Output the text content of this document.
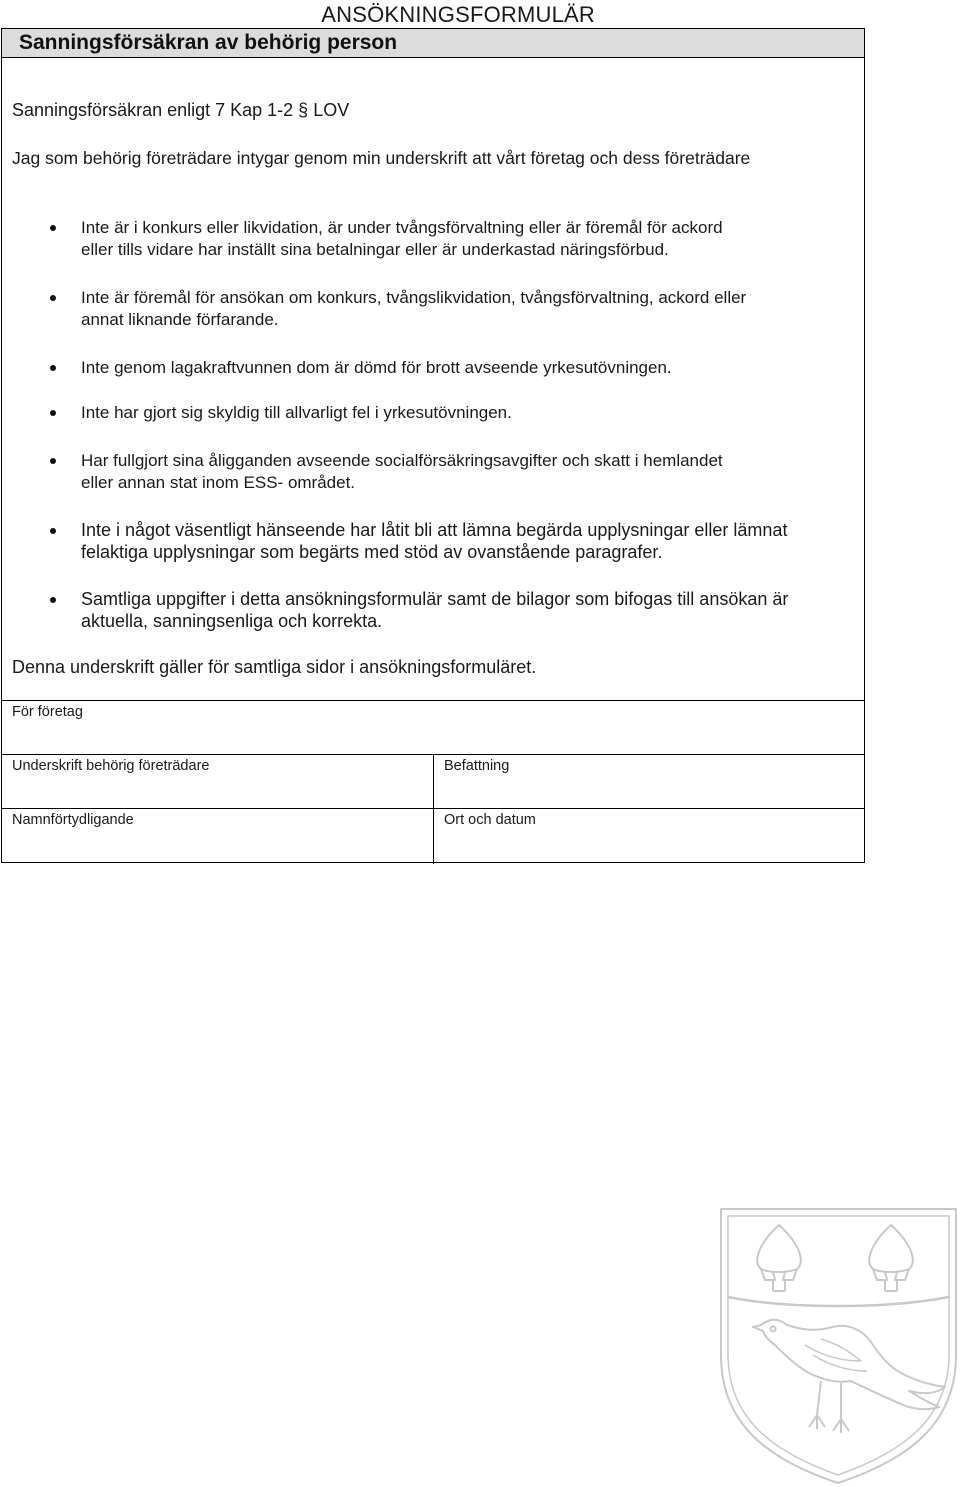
ANSÖKNINGSFORMULÄR
Sanningsförsäkran av behörig person
Sanningsförsäkran enligt 7 Kap 1-2 § LOV
Jag som behörig företrädare intygar genom min underskrift att vårt företag och dess företrädare
Inte är i konkurs eller likvidation, är under tvångsförvaltning eller är föremål för ackord
eller tills vidare har inställt sina betalningar eller är underkastad näringsförbud.
Inte är föremål för ansökan om konkurs, tvångslikvidation, tvångsförvaltning, ackord eller
annat liknande förfarande.
Inte genom lagakraftvunnen dom är dömd för brott avseende yrkesutövningen.
Inte har gjort sig skyldig till allvarligt fel i yrkesutövningen.
Har fullgjort sina åligganden avseende socialförsäkringsavgifter och skatt i hemlandet
eller annan stat inom ESS- området.
Inte i något väsentligt hänseende har låtit bli att lämna begärda upplysningar eller lämnat
felaktiga upplysningar som begärts med stöd av ovanstående paragrafer.
Samtliga uppgifter i detta ansökningsformulär samt de bilagor som bifogas till ansökan är
aktuella, sanningsenliga och korrekta.
Denna underskrift gäller för samtliga sidor i ansökningsformuläret.
För företag
Underskrift behörig företrädare	Befattning
Namnförtydligande	Ort och datum
